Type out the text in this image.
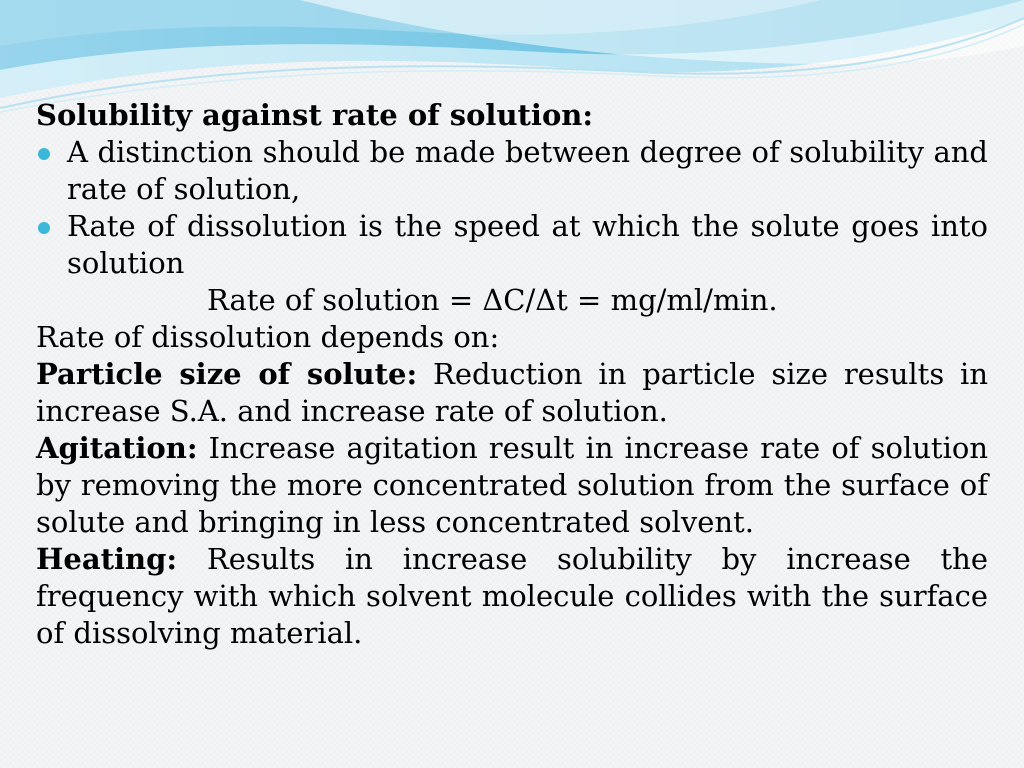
Solubility against rate of solution:

A distinction should be made between degree of solubility and rate of solution,

Rate of dissolution is the speed at which the solute goes into solution

Rate of solution = ΔC/Δt = mg/ml/min.

Rate of dissolution depends on:

Particle size of solute: Reduction in particle size results in increase S.A. and increase rate of solution.

Agitation: Increase agitation result in increase rate of solution by removing the more concentrated solution from the surface of solute and bringing in less concentrated solvent.

Heating: Results in increase solubility by increase the frequency with which solvent molecule collides with the surface of dissolving material.
